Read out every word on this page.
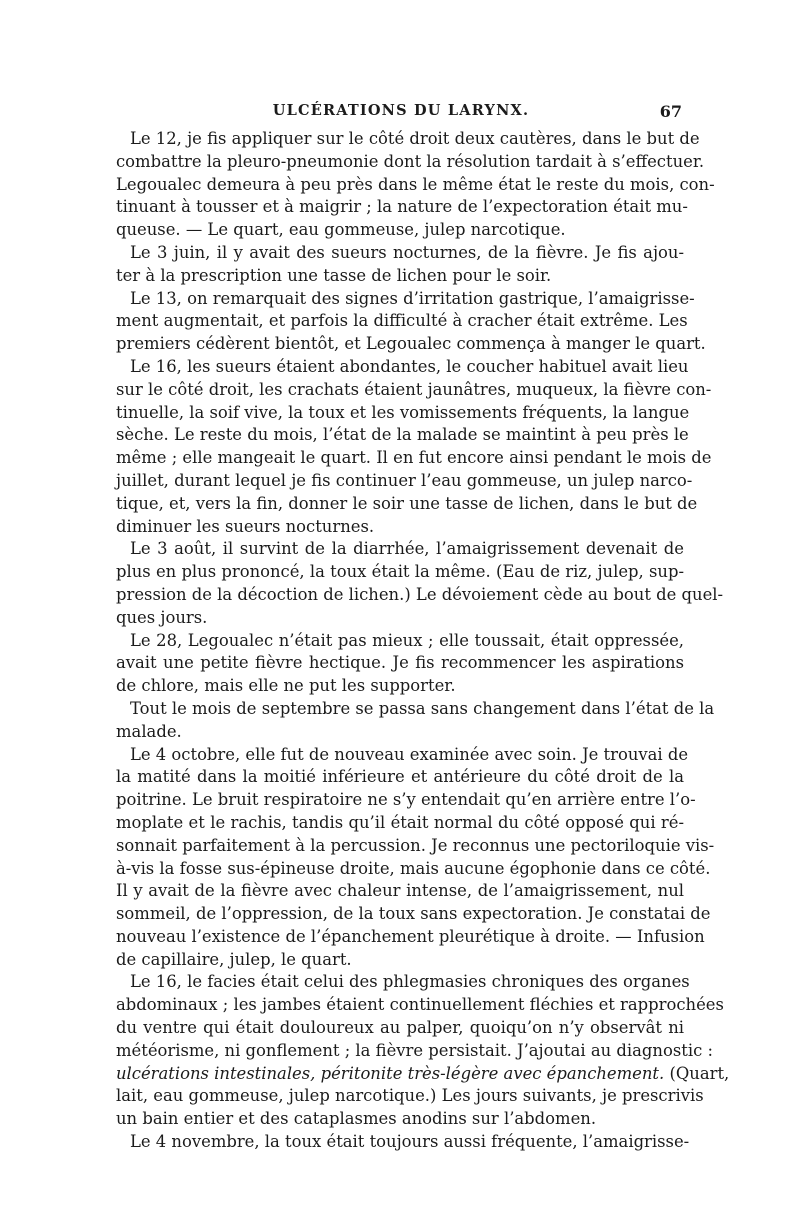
ULCÉRATIONS DU LARYNX.	67
Le 12, je fis appliquer sur le côté droit deux cautères, dans le but de
combattre la pleuro-pneumonie dont la résolution tardait à s’effectuer.
Legoualec demeura à peu près dans le même état le reste du mois, con-
tinuant à tousser et à maigrir ; la nature de l’expectoration était mu-
queuse. — Le quart, eau gommeuse, julep narcotique.
Le 3 juin, il y avait des sueurs nocturnes, de la fièvre. Je fis ajou-
ter à la prescription une tasse de lichen pour le soir.
Le 13, on remarquait des signes d’irritation gastrique, l’amaigrisse-
ment augmentait, et parfois la difficulté à cracher était extrême. Les
premiers cédèrent bientôt, et Legoualec commença à manger le quart.
Le 16, les sueurs étaient abondantes, le coucher habituel avait lieu
sur le côté droit, les crachats étaient jaunâtres, muqueux, la fièvre con-
tinuelle, la soif vive, la toux et les vomissements fréquents, la langue
sèche. Le reste du mois, l’état de la malade se maintint à peu près le
même ; elle mangeait le quart. Il en fut encore ainsi pendant le mois de
juillet, durant lequel je fis continuer l’eau gommeuse, un julep narco-
tique, et, vers la fin, donner le soir une tasse de lichen, dans le but de
diminuer les sueurs nocturnes.
Le 3 août, il survint de la diarrhée, l’amaigrissement devenait de
plus en plus prononcé, la toux était la même. (Eau de riz, julep, sup-
pression de la décoction de lichen.) Le dévoiement cède au bout de quel-
ques jours.
Le 28, Legoualec n’était pas mieux ; elle toussait, était oppressée,
avait une petite fièvre hectique. Je fis recommencer les aspirations
de chlore, mais elle ne put les supporter.
Tout le mois de septembre se passa sans changement dans l’état de la
malade.
Le 4 octobre, elle fut de nouveau examinée avec soin. Je trouvai de
la matité dans la moitié inférieure et antérieure du côté droit de la
poitrine. Le bruit respiratoire ne s’y entendait qu’en arrière entre l’o-
moplate et le rachis, tandis qu’il était normal du côté opposé qui ré-
sonnait parfaitement à la percussion. Je reconnus une pectoriloquie vis-
à-vis la fosse sus-épineuse droite, mais aucune égophonie dans ce côté.
Il y avait de la fièvre avec chaleur intense, de l’amaigrissement, nul
sommeil, de l’oppression, de la toux sans expectoration. Je constatai de
nouveau l’existence de l’épanchement pleurétique à droite. — Infusion
de capillaire, julep, le quart.
Le 16, le facies était celui des phlegmasies chroniques des organes
abdominaux ; les jambes étaient continuellement fléchies et rapprochées
du ventre qui était douloureux au palper, quoiqu’on n’y observât ni
météorisme, ni gonflement ; la fièvre persistait. J’ajoutai au diagnostic :
ulcérations intestinales, péritonite très-légère avec épanchement. (Quart,
lait, eau gommeuse, julep narcotique.) Les jours suivants, je prescrivis
un bain entier et des cataplasmes anodins sur l’abdomen.
Le 4 novembre, la toux était toujours aussi fréquente, l’amaigrisse-
